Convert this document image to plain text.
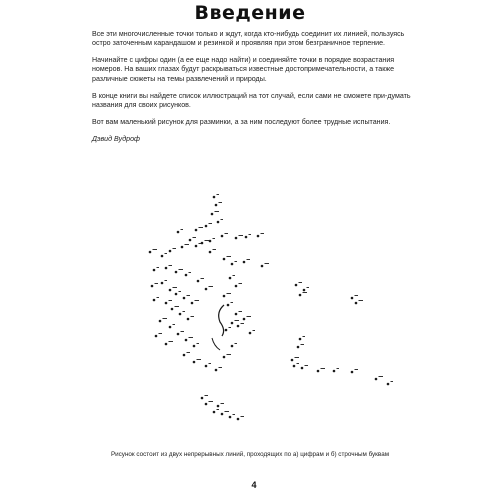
Введение

Все эти многочисленные точки только и ждут, когда кто-нибудь соединит их линией, пользуясь остро заточенным карандашом и резинкой и проявляя при этом безграничное терпение.

Начинайте с цифры один (а ее еще надо найти) и соединяйте точки в порядке возрастания номеров. На ваших глазах будут раскрываться известные достопримечательности, а также различные сюжеты на темы развлечений и природы.

В конце книги вы найдете список иллюстраций на тот случай, если сами не сможете при-думать названия для своих рисунков.

Вот вам маленький рисунок для разминки, а за ним последуют более трудные испытания.

Дэвид Вудроф

Рисунок состоит из двух непрерывных линий, проходящих по а) цифрам и б) строчным буквам
4
